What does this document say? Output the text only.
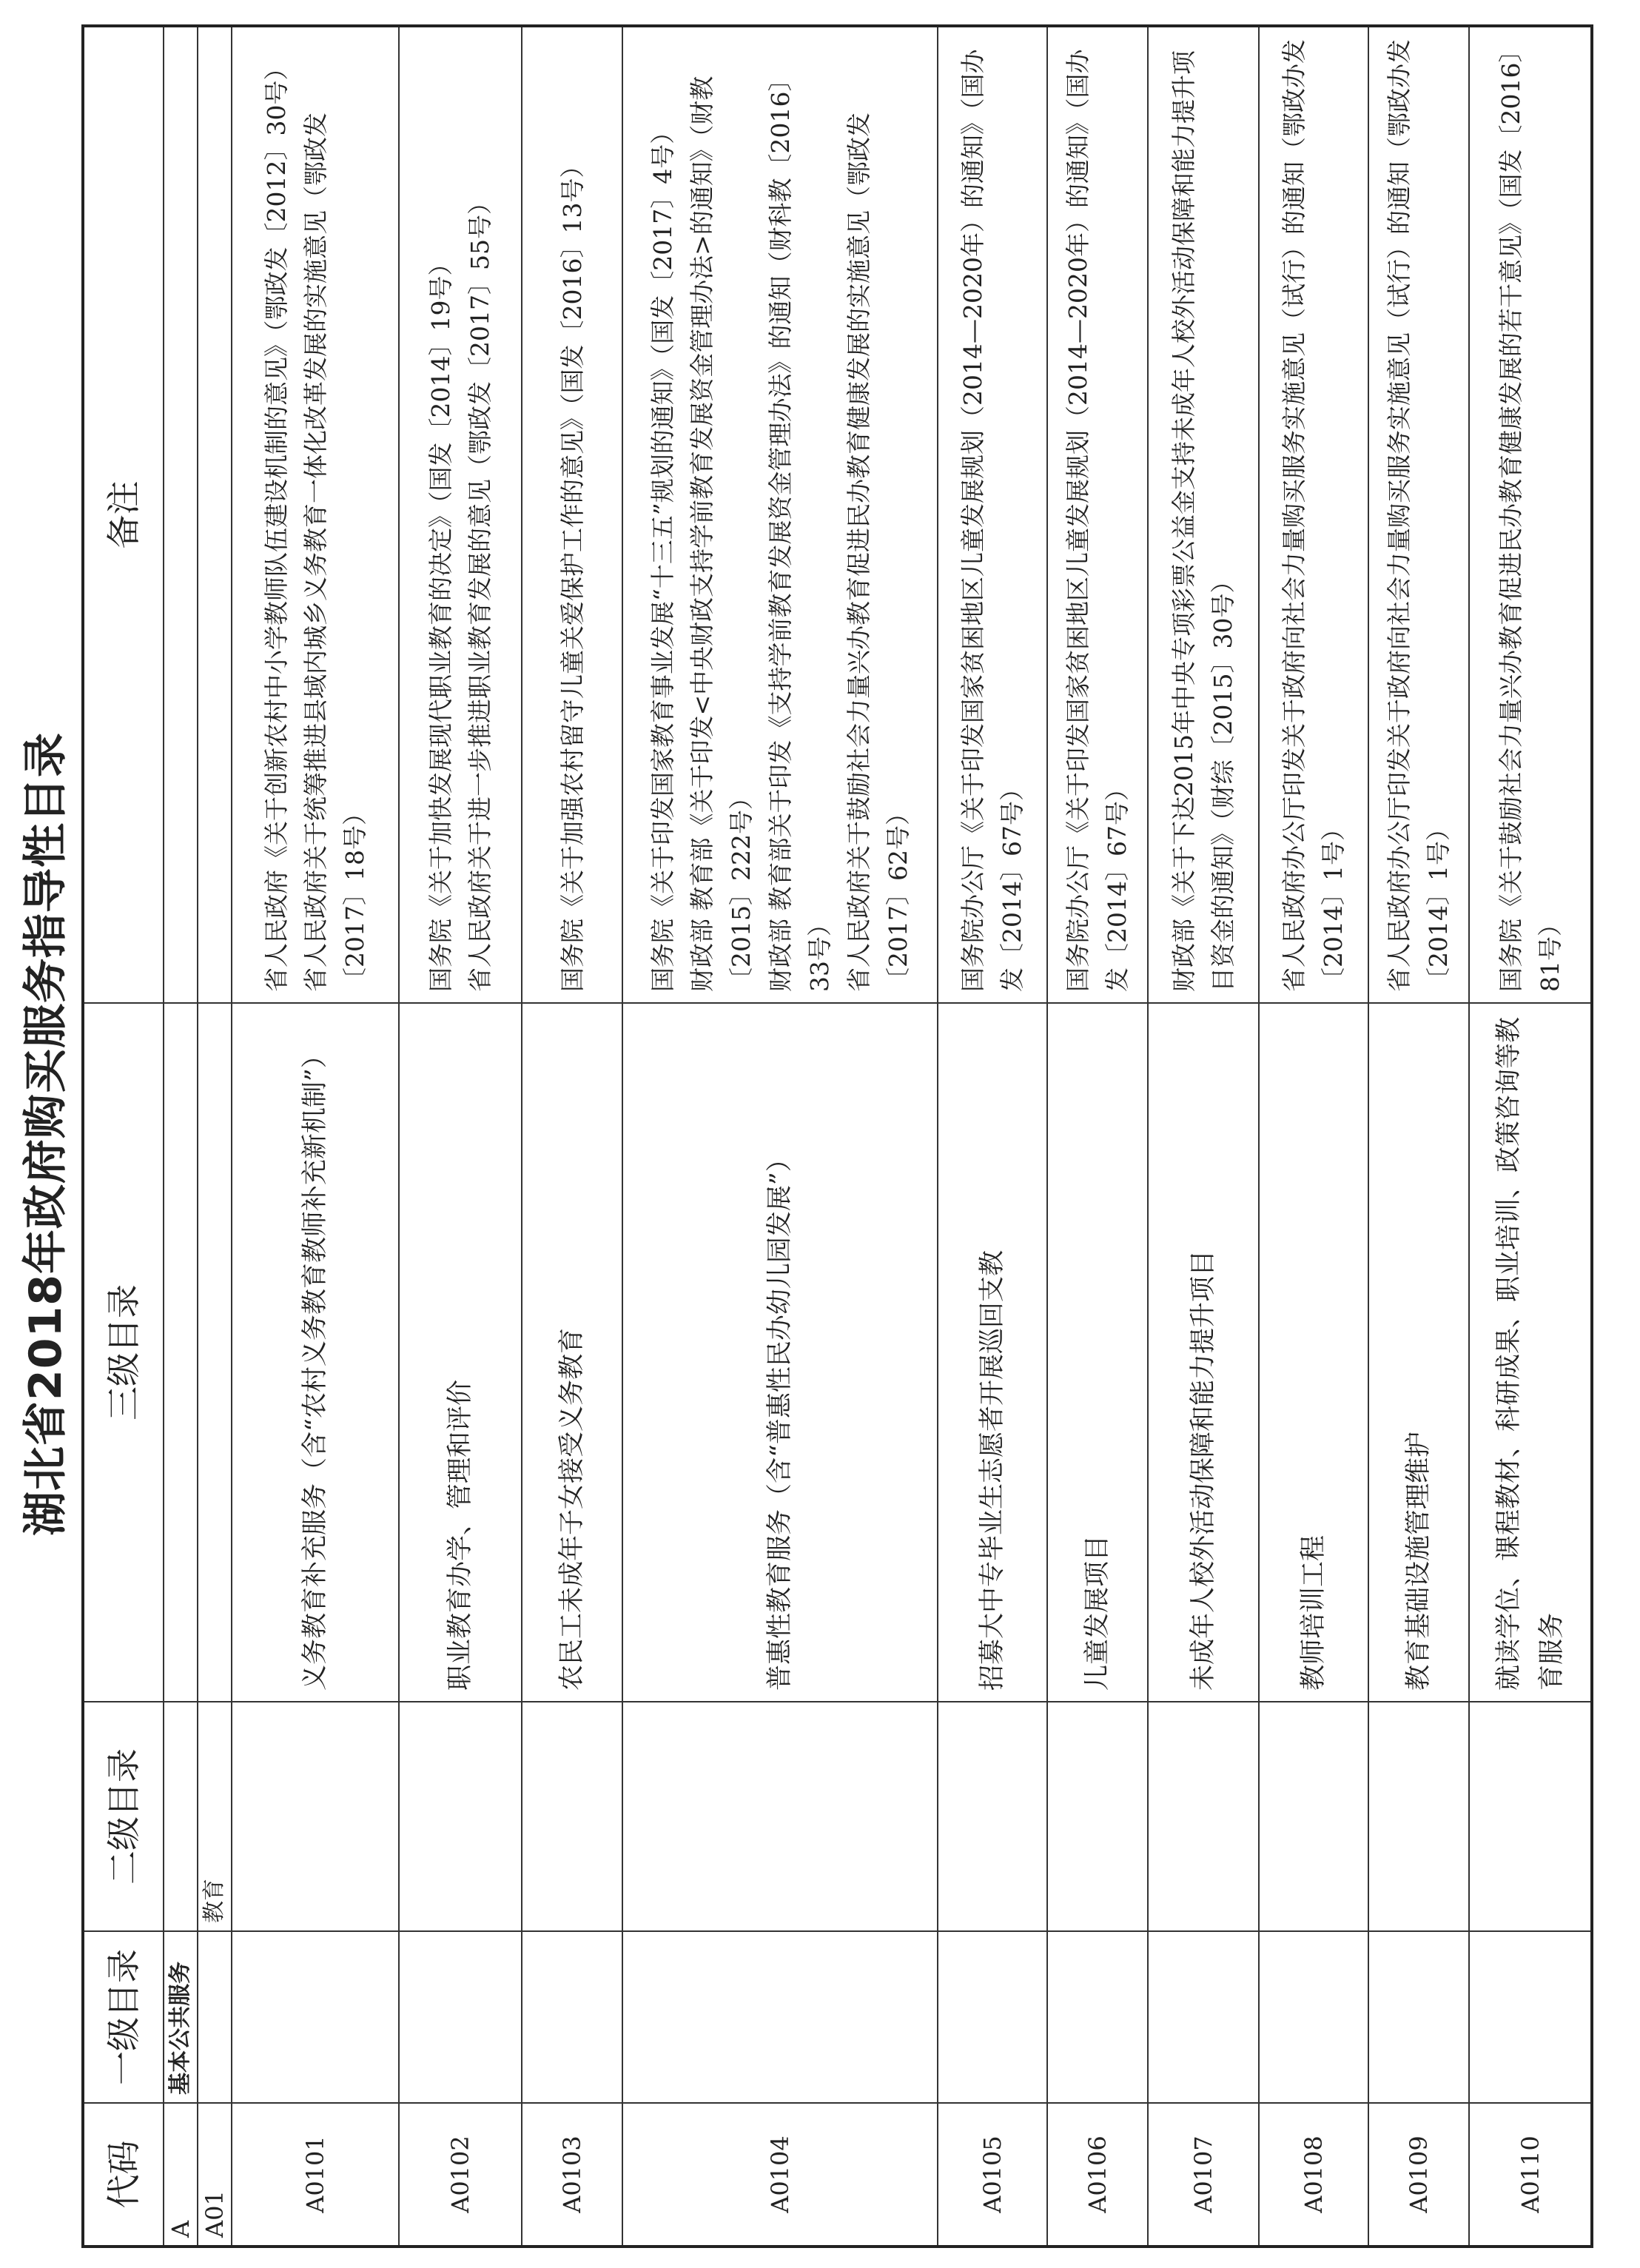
湖北省2018年政府购买服务指导性目录
代码	一级目录	二级目录	三级目录	备注
A	基本公共服务			
A01		教育		
A0101			义务教育补充服务（含“农村义务教育教师补充新机制”）	省人民政府《关于创新农村中小学教师队伍建设机制的意见》（鄂政发〔2012〕30号） 省人民政府关于统筹推进县域内城乡义务教育一体化改革发展的实施意见（鄂政发〔2017〕18号）

A0102			职业教育办学、管理和评价	国务院《关于加快发展现代职业教育的决定》（国发〔2014〕19号） 省人民政府关于进一步推进职业教育发展的意见（鄂政发〔2017〕55号）

A0103			农民工未成年子女接受义务教育	国务院《关于加强农村留守儿童关爱保护工作的意见》（国发〔2016〕13号）

A0104			普惠性教育服务（含“普惠性民办幼儿园发展”）	国务院《关于印发国家教育事业发展“十三五”规划的通知》（国发〔2017〕4号） 财政部 教育部《关于印发<中央财政支持学前教育发展资金管理办法>的通知》（财教〔2015〕222号） 财政部 教育部关于印发《支持学前教育发展资金管理办法》的通知（财科教〔2016〕33号） 省人民政府关于鼓励社会力量兴办教育促进民办教育健康发展的实施意见（鄂政发〔2017〕62号）

A0105			招募大中专毕业生志愿者开展巡回支教	国务院办公厅《关于印发国家贫困地区儿童发展规划（2014—2020年）的通知》（国办发〔2014〕67号）

A0106			儿童发展项目	国务院办公厅《关于印发国家贫困地区儿童发展规划（2014—2020年）的通知》（国办发〔2014〕67号）

A0107			未成年人校外活动保障和能力提升项目	财政部《关于下达2015年中央专项彩票公益金支持未成年人校外活动保障和能力提升项目资金的通知》（财综〔2015〕30号）

A0108			教师培训工程	省人民政府办公厅印发关于政府向社会力量购买服务实施意见（试行）的通知（鄂政办发〔2014〕1号）

A0109			教育基础设施管理维护	省人民政府办公厅印发关于政府向社会力量购买服务实施意见（试行）的通知（鄂政办发〔2014〕1号）

A0110			就读学位、课程教材、科研成果、职业培训、政策咨询等教育服务	国务院《关于鼓励社会力量兴办教育促进民办教育健康发展的若干意见》（国发〔2016〕81号）
